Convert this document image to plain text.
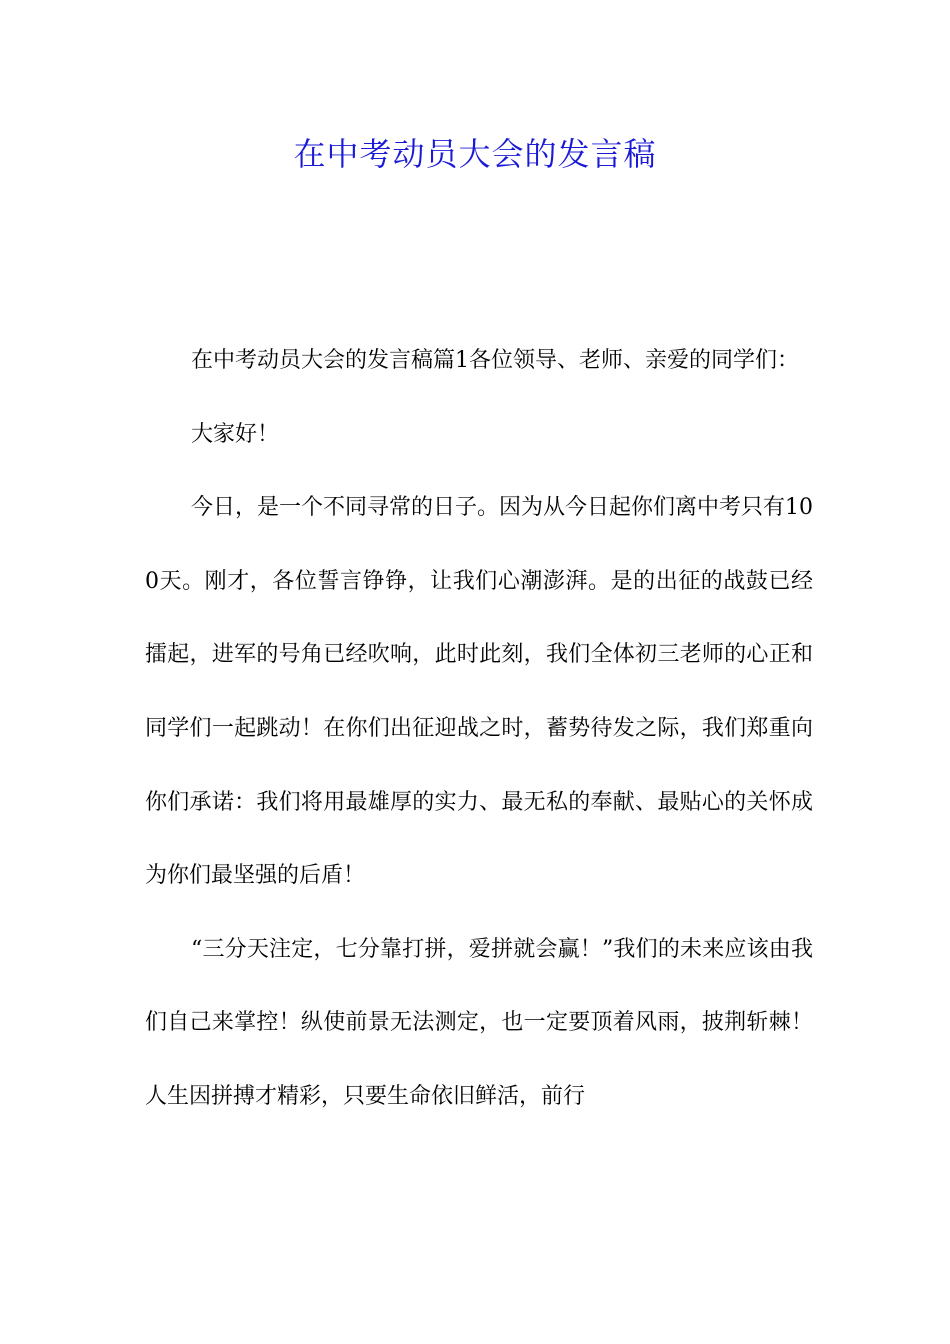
在中考动员大会的发言稿

在中考动员大会的发言稿篇1各位领导、老师、亲爱的同学们：

大家好！

今日，是一个不同寻常的日子。因为从今日起你们离中考只有100天。刚才，各位誓言铮铮，让我们心潮澎湃。是的出征的战鼓已经擂起，进军的号角已经吹响，此时此刻，我们全体初三老师的心正和同学们一起跳动！在你们出征迎战之时，蓄势待发之际，我们郑重向你们承诺：我们将用最雄厚的实力、最无私的奉献、最贴心的关怀成为你们最坚强的后盾！

“三分天注定，七分靠打拼，爱拼就会赢！”我们的未来应该由我们自己来掌控！纵使前景无法测定，也一定要顶着风雨，披荆斩棘！人生因拼搏才精彩，只要生命依旧鲜活，前行
